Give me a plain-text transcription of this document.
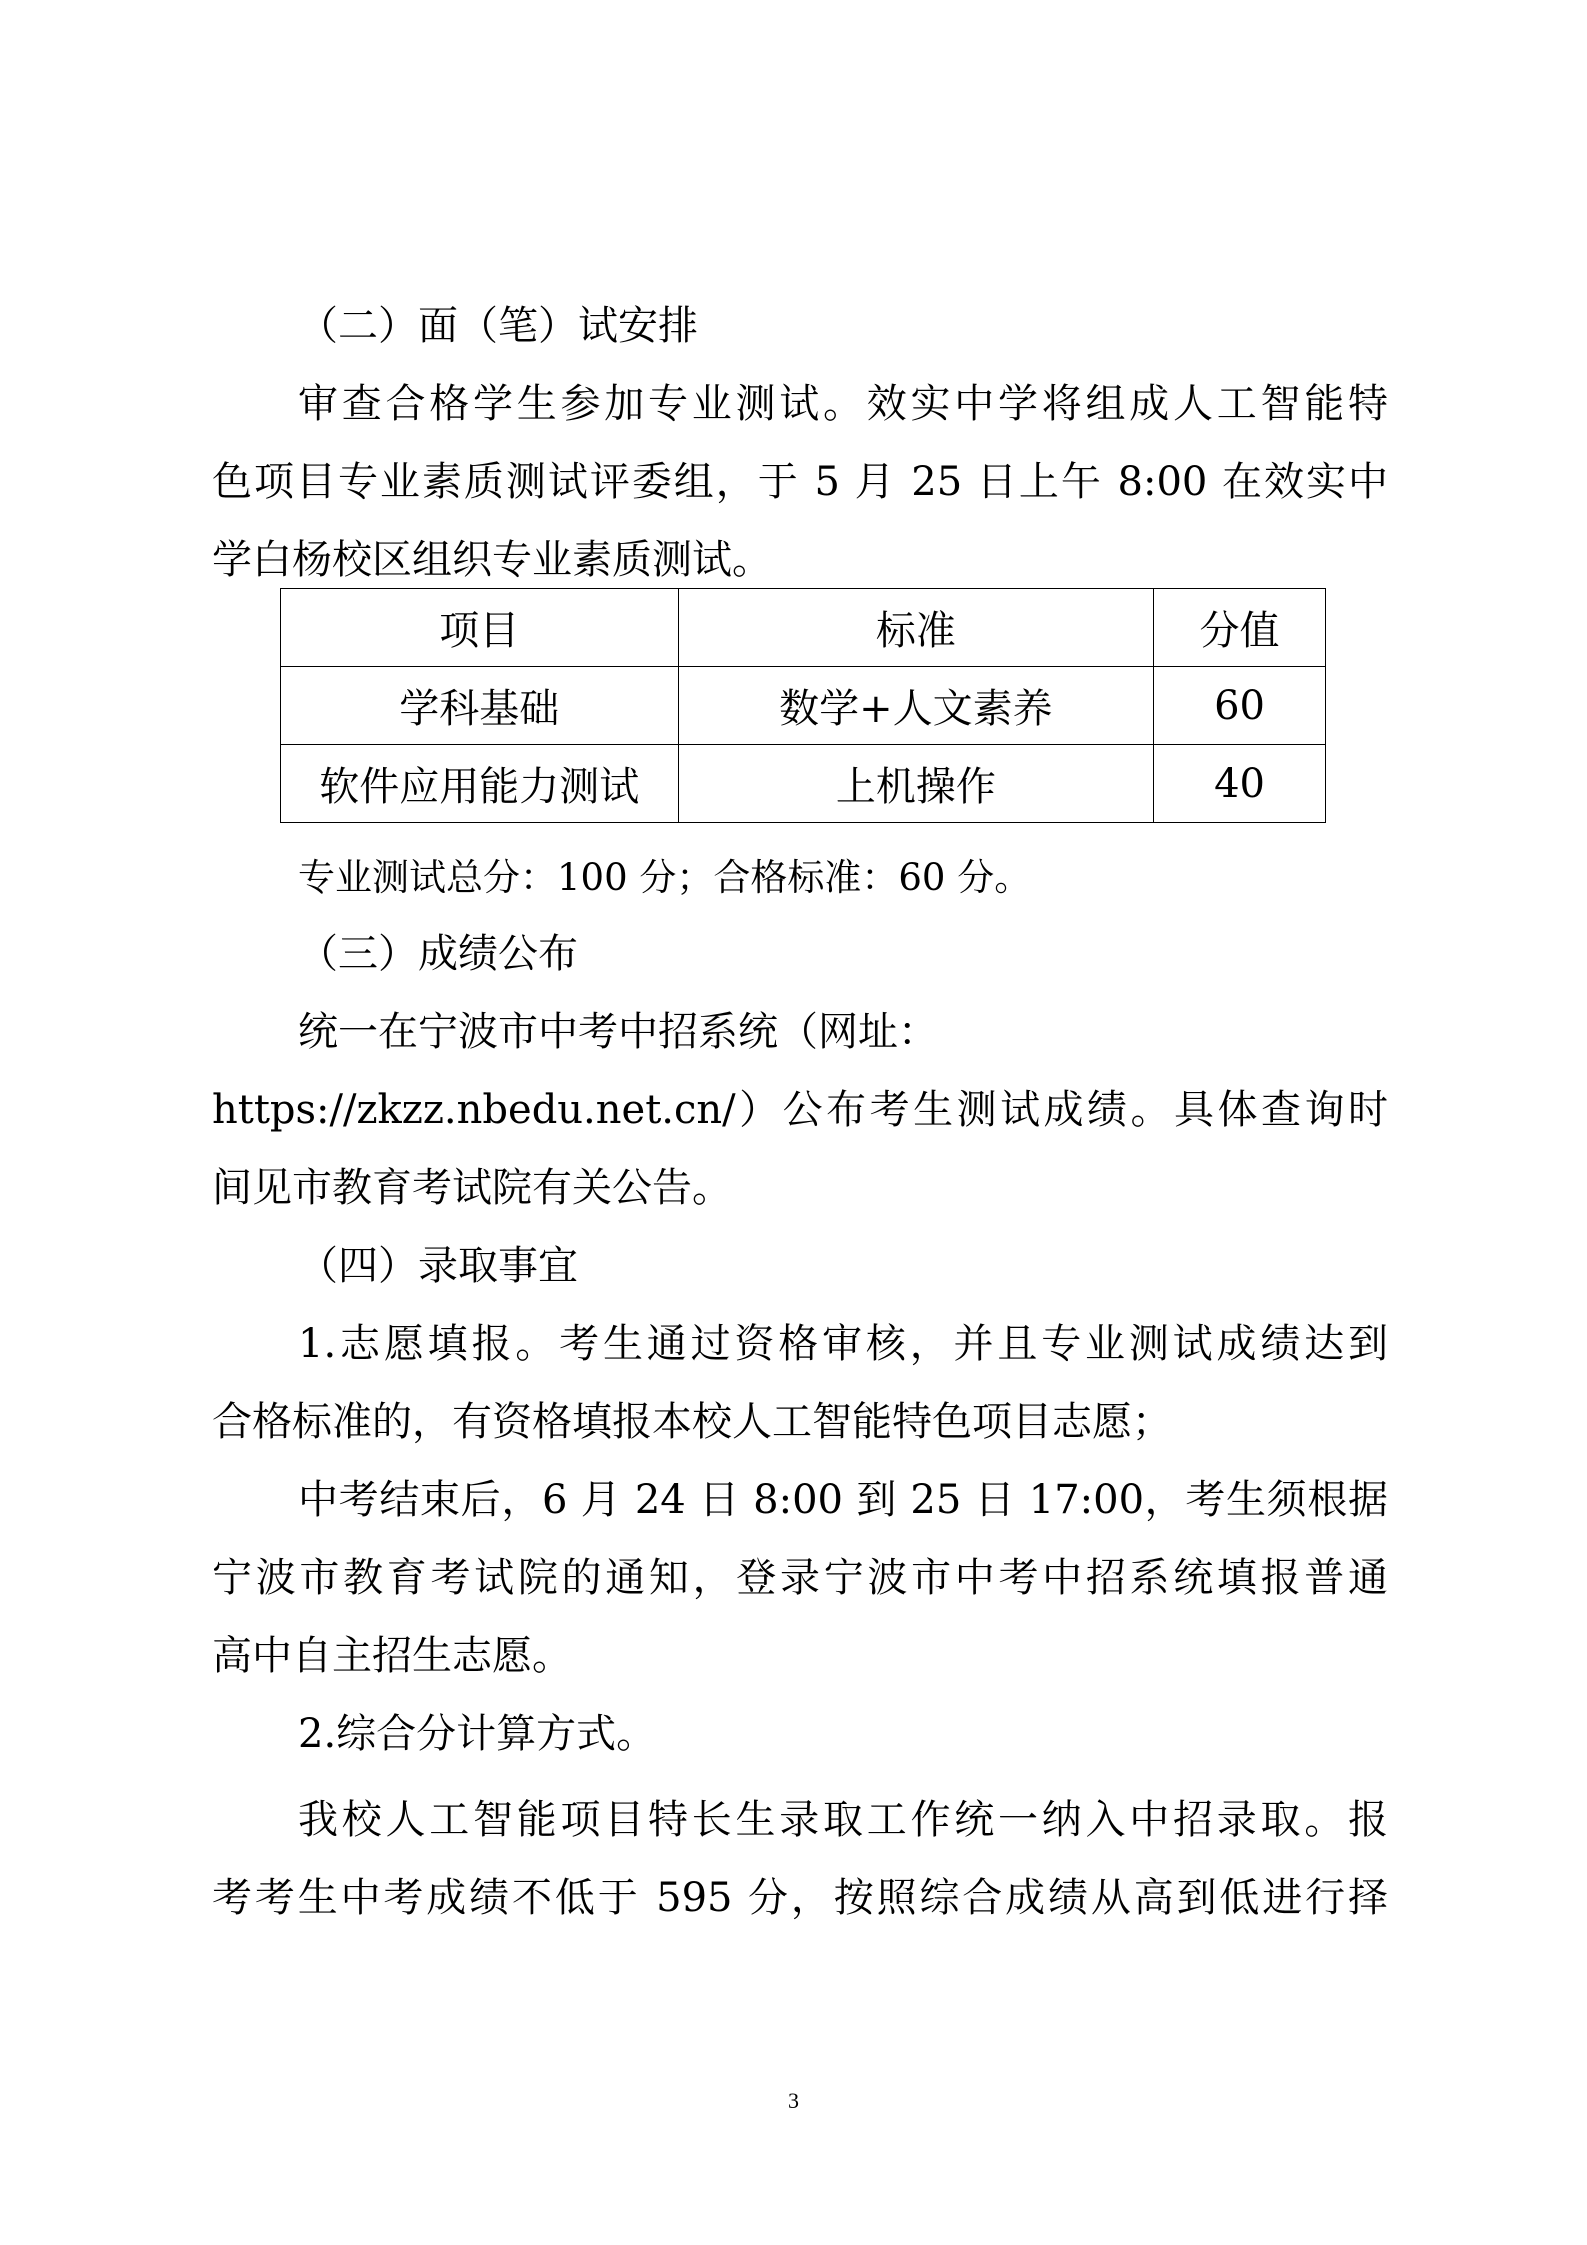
（二）面（笔）试安排
审查合格学生参加专业测试。效实中学将组成人工智能特
色项目专业素质测试评委组，于 5 月 25 日上午 8:00 在效实中
学白杨校区组织专业素质测试。
项目	标准	分值
学科基础	数学+人文素养	60
软件应用能力测试	上机操作	40
专业测试总分：100 分；合格标准：60 分。
（三）成绩公布
统一在宁波市中考中招系统（网址：
https://zkzz.nbedu.net.cn/）公布考生测试成绩。具体查询时
间见市教育考试院有关公告。
（四）录取事宜
1.志愿填报。考生通过资格审核，并且专业测试成绩达到
合格标准的，有资格填报本校人工智能特色项目志愿；
中考结束后，6 月 24 日 8:00 到 25 日 17:00，考生须根据
宁波市教育考试院的通知，登录宁波市中考中招系统填报普通
高中自主招生志愿。
2.综合分计算方式。
我校人工智能项目特长生录取工作统一纳入中招录取。报
考考生中考成绩不低于 595 分，按照综合成绩从高到低进行择
3
